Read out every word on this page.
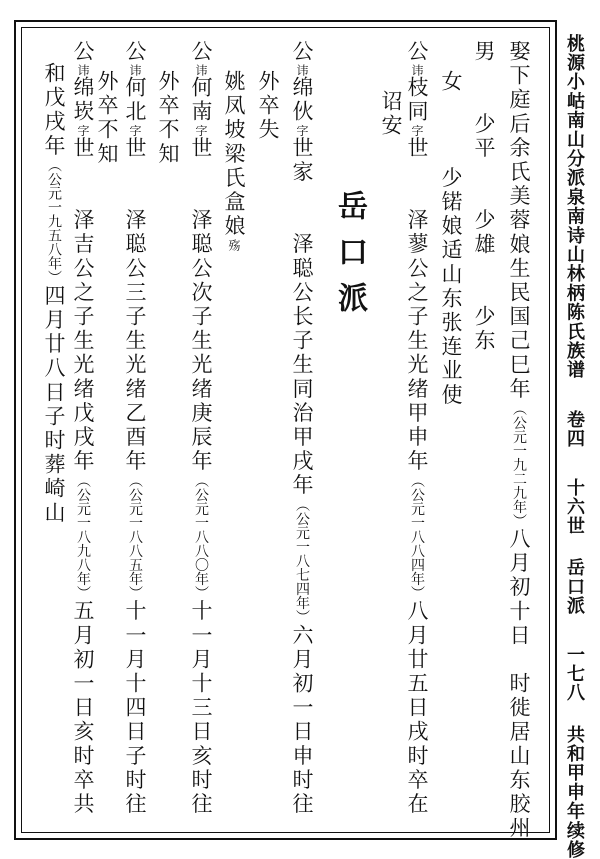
桃源小岵南山分派泉南诗山林柄陈氏族谱卷四十六世岳口派一七八共和甲申年续修
岳口派	娶下庭后余氏美蓉娘生民国己巳年（公元一九二九年）八月初十日　时徙居山东胶州
男　　少平　　少雄　　少东
女　　　少锘娘适山东张连业使
公讳枝同字世　　泽蓼公之子生光绪甲申年（公元一八八四年）八月廿五日戌时卒在
诏安
公讳绵伙字世家　　泽聪公长子生同治甲戌年（公元一八七四年）六月初一日申时往
外卒失
姚凤坡梁氏盒娘殇
公讳何南字世　　泽聪公次子生光绪庚辰年（公元一八八〇年）十一月十三日亥时往
外卒不知
公讳何北字世　　泽聪公三子生光绪乙酉年（公元一八八五年）十一月十四日子时往
外卒不知
公讳绵崁字世　　泽吉公之子生光绪戊戌年（公元一八九八年）五月初一日亥时卒共
和戊戌年（公元一九五八年）四月廿八日子时葬崎山
